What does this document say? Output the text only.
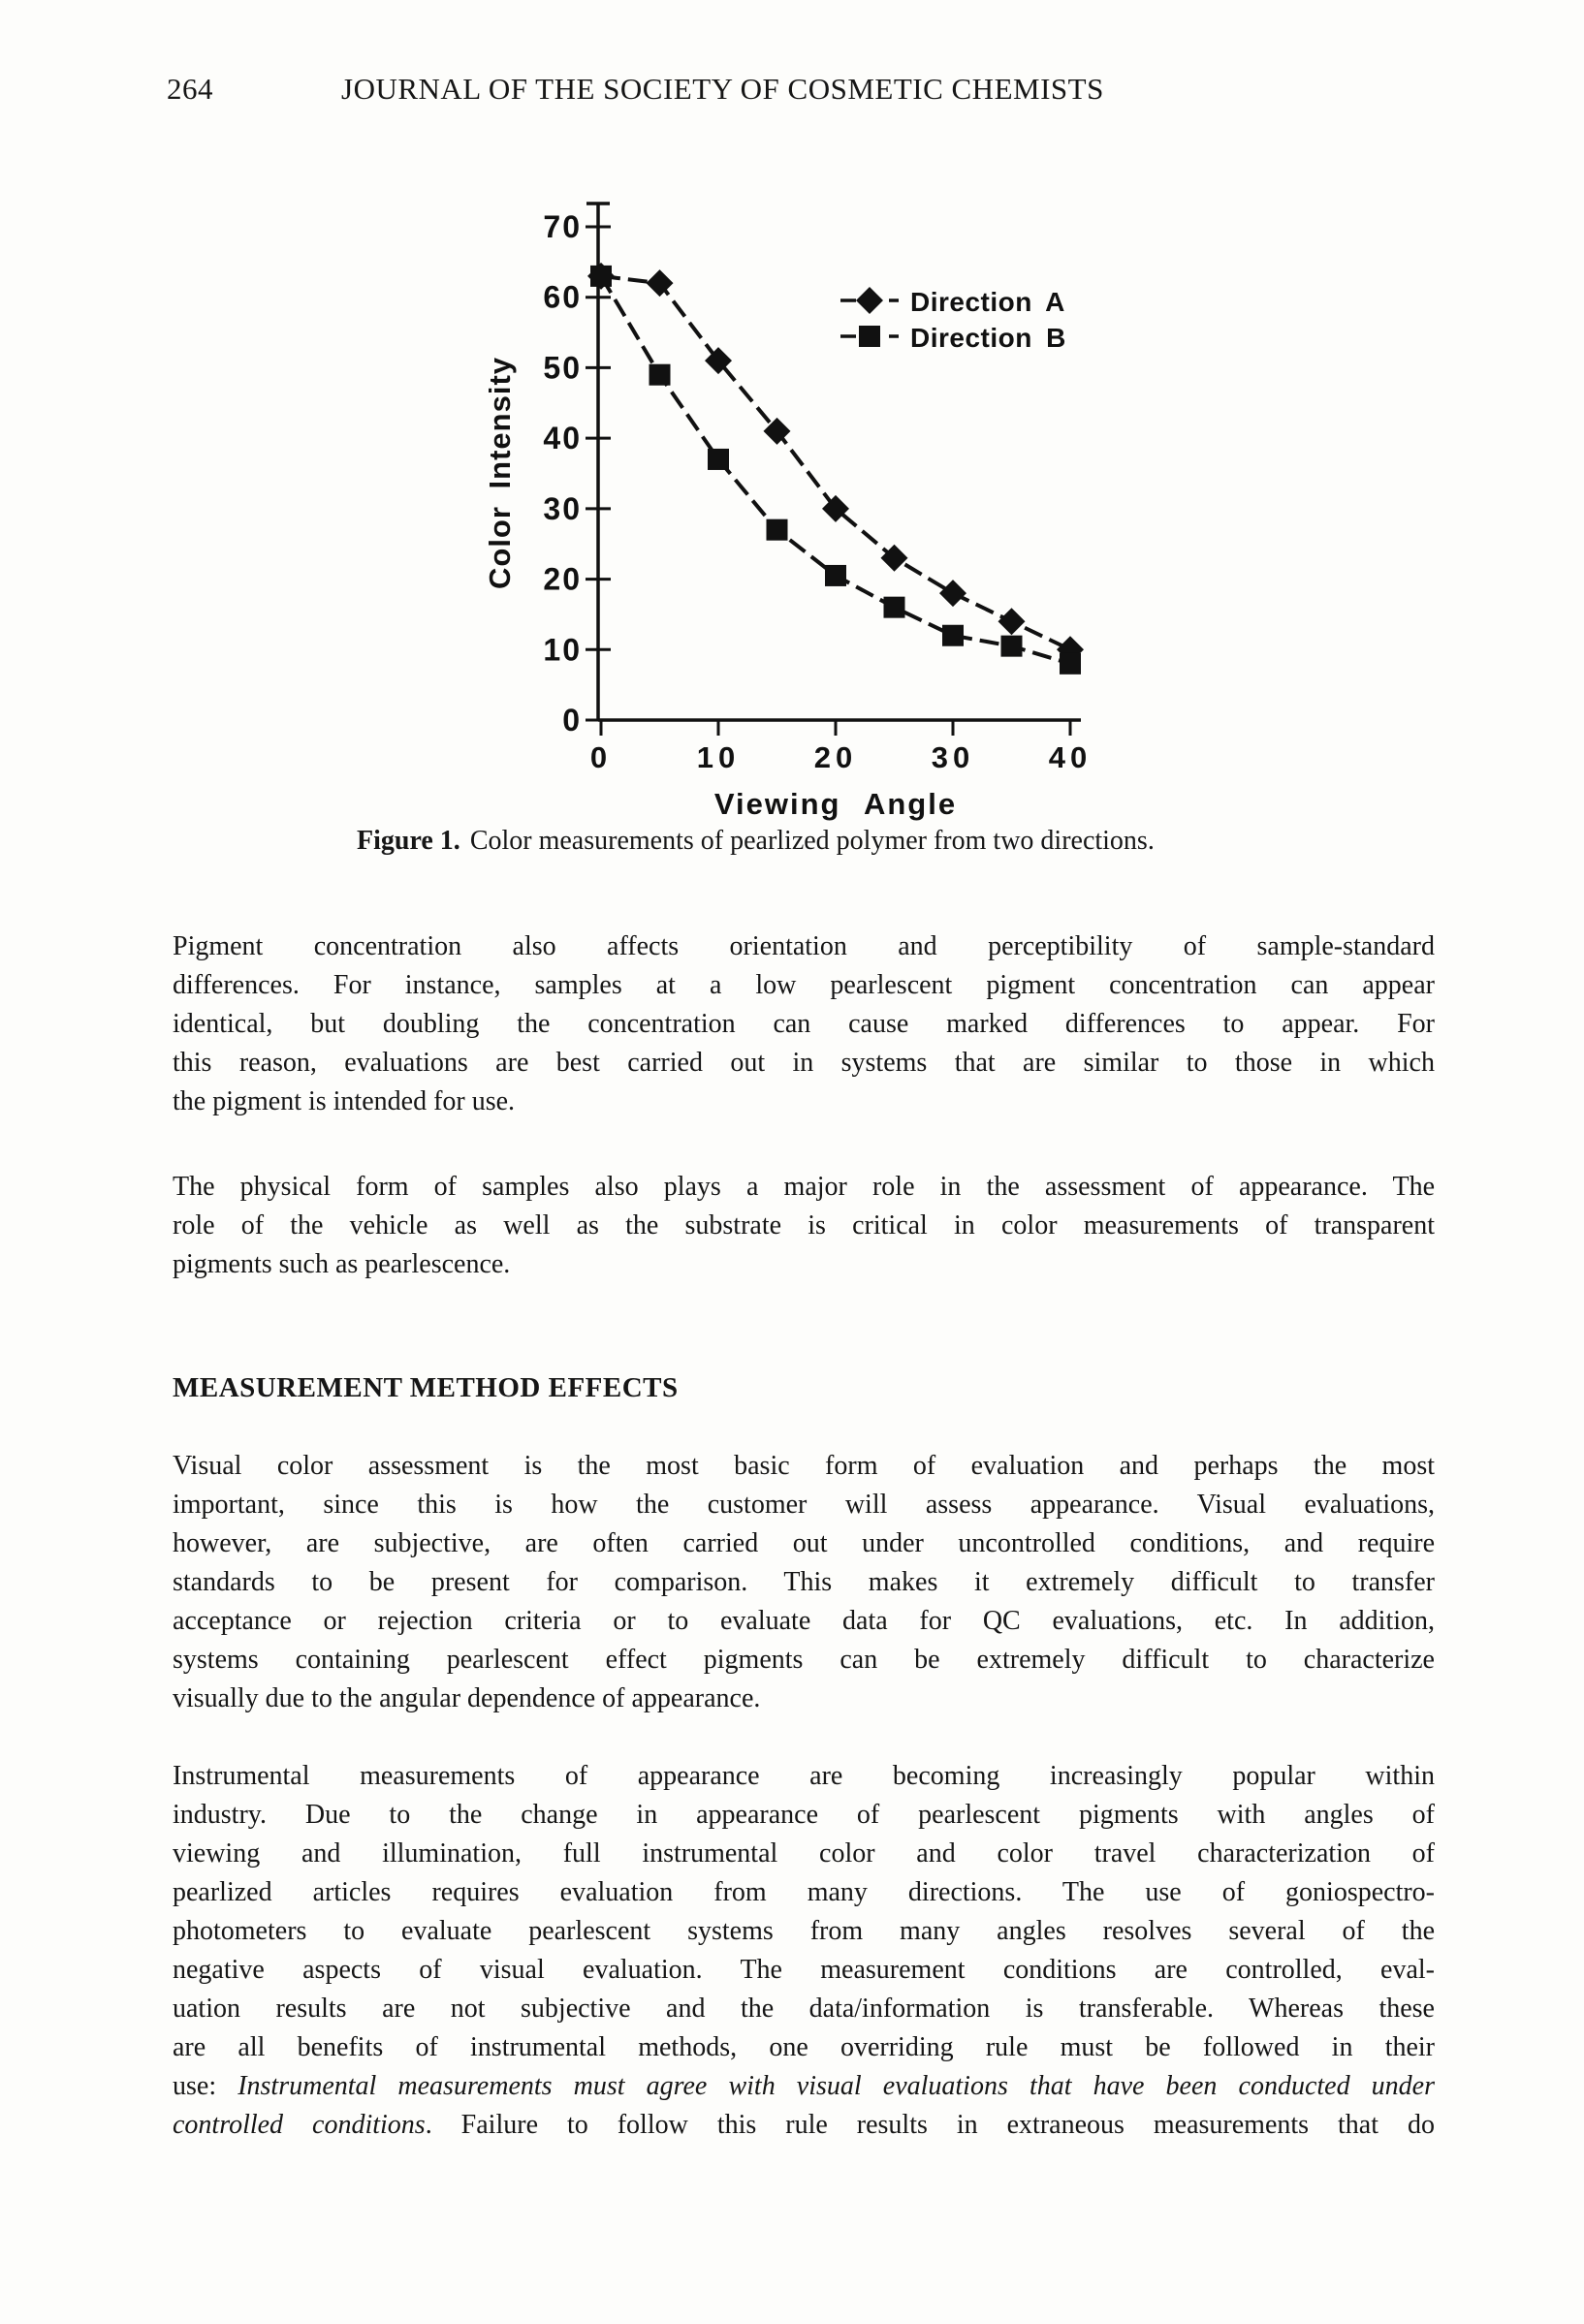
264	JOURNAL OF THE SOCIETY OF COSMETIC CHEMISTS
0
10
20
30
40
50
60
70
0	10 20 30 40
Viewing Angle
Color Intensity
Direction A
Direction B
Figure 1. Color measurements of pearlized polymer from two directions.
Pigment concentration also affects orientation and perceptibility of sample-standard
differences. For instance, samples at a low pearlescent pigment concentration can appear
identical, but doubling the concentration can cause marked differences to appear. For
this reason, evaluations are best carried out in systems that are similar to those in which
the pigment is intended for use.
The physical form of samples also plays a major role in the assessment of appearance. The
role of the vehicle as well as the substrate is critical in color measurements of transparent
pigments such as pearlescence.
MEASUREMENT METHOD EFFECTS
Visual color assessment is the most basic form of evaluation and perhaps the most
important, since this is how the customer will assess appearance. Visual evaluations,
however, are subjective, are often carried out under uncontrolled conditions, and require
standards to be present for comparison. This makes it extremely difficult to transfer
acceptance or rejection criteria or to evaluate data for QC evaluations, etc. In addition,
systems containing pearlescent effect pigments can be extremely difficult to characterize
visually due to the angular dependence of appearance.
Instrumental measurements of appearance are becoming increasingly popular within
industry. Due to the change in appearance of pearlescent pigments with angles of
viewing and illumination, full instrumental color and color travel characterization of
pearlized articles requires evaluation from many directions. The use of goniospectro-
photometers to evaluate pearlescent systems from many angles resolves several of the
negative aspects of visual evaluation. The measurement conditions are controlled, eval-
uation results are not subjective and the data/information is transferable. Whereas these
are all benefits of instrumental methods, one overriding rule must be followed in their
use: Instrumental measurements must agree with visual evaluations that have been conducted under
controlled conditions. Failure to follow this rule results in extraneous measurements that do
